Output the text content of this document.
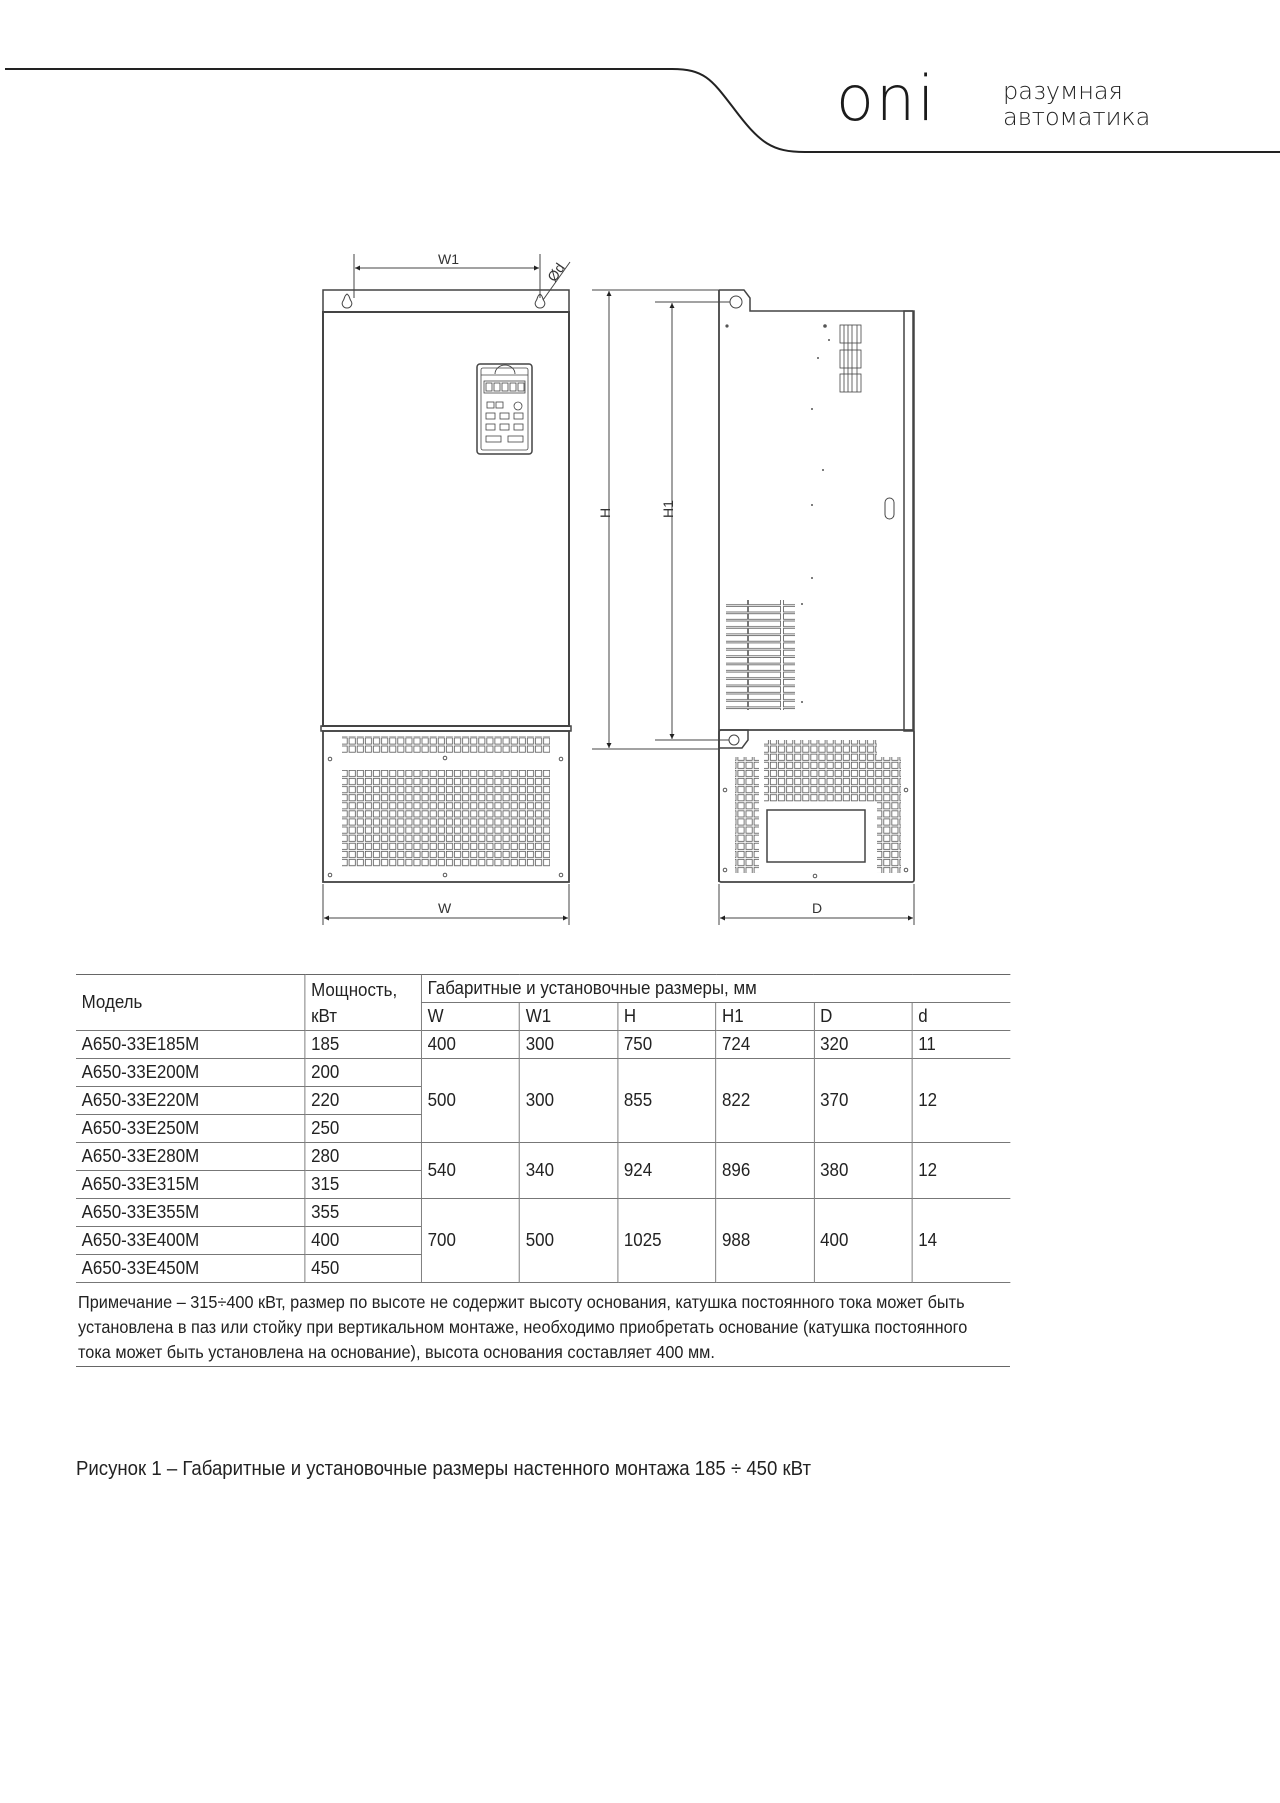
oni	разумная
автоматика
W1
Ød
W
H	H1
D
Модель	Мощность, кВт	Габаритные и установочные размеры, мм					
		W	W1	H	H1	D	d
A650-33E185M	185	400	300	750	724	320	11
A650-33E200M	200	500	300	855	822	370	12
A650-33E220M	220						
A650-33E250M	250						
A650-33E280M	280	540	340	924	896	380	12
A650-33E315M	315						
A650-33E355M	355	700	500	1025	988	400	14
A650-33E400M	400						
A650-33E450M	450						
Примечание – 315÷400 кВт, размер по высоте не содержит высоту основания, катушка постоянного тока может быть установлена в паз или стойку при вертикальном монтаже, необходимо приобретать основание (катушка постоянного тока может быть установлена на основание), высота основания составляет 400 мм.
Рисунок 1 – Габаритные и установочные размеры настенного монтажа 185 ÷ 450 кВт
